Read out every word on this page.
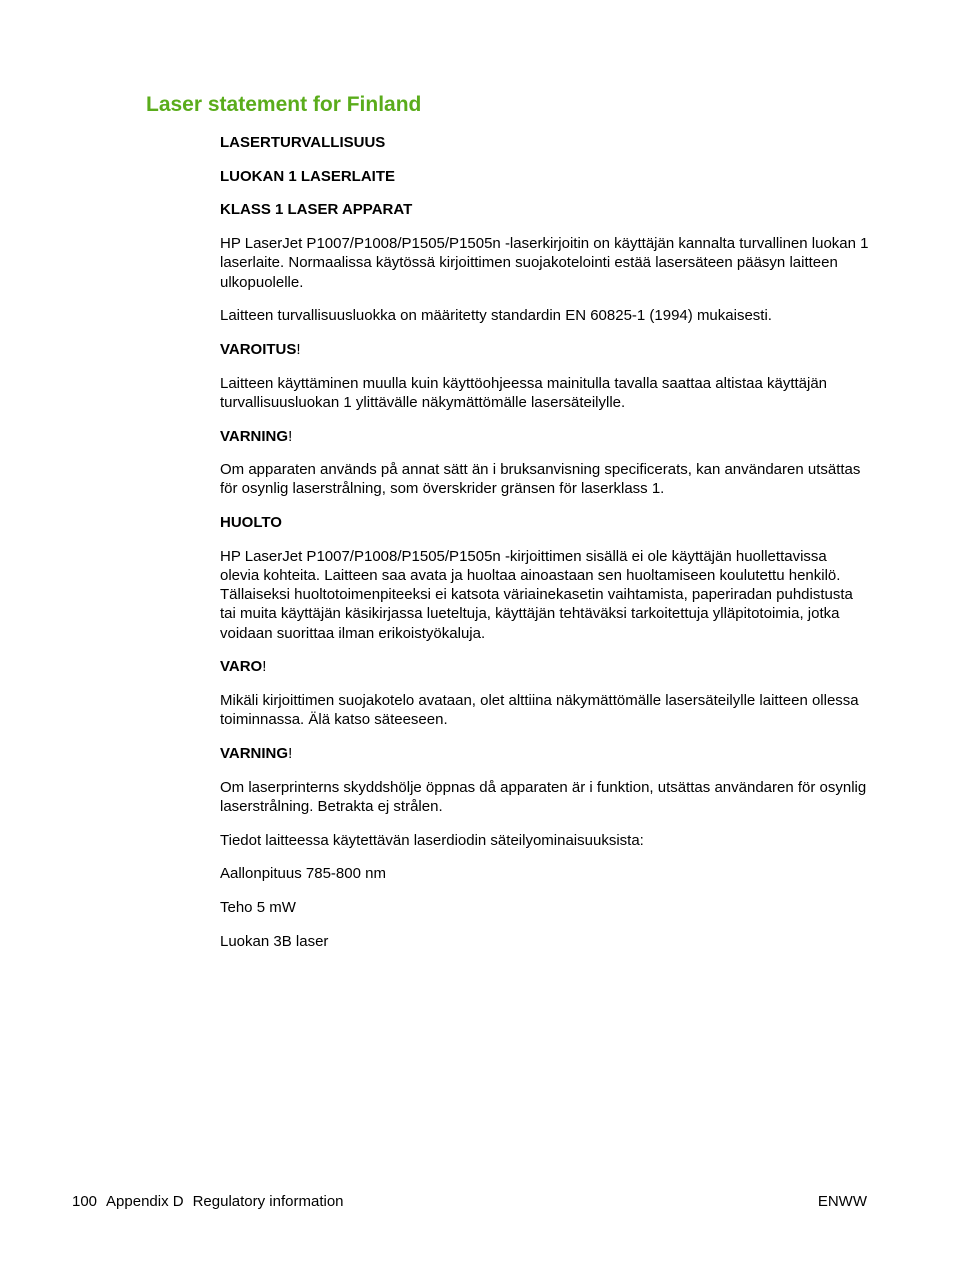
Laser statement for Finland

LASERTURVALLISUUS

LUOKAN 1 LASERLAITE

KLASS 1 LASER APPARAT

HP LaserJet P1007/P1008/P1505/P1505n -laserkirjoitin on käyttäjän kannalta turvallinen luokan 1 laserlaite. Normaalissa käytössä kirjoittimen suojakotelointi estää lasersäteen pääsyn laitteen ulkopuolelle.

Laitteen turvallisuusluokka on määritetty standardin EN 60825-1 (1994) mukaisesti.

VAROITUS!

Laitteen käyttäminen muulla kuin käyttöohjeessa mainitulla tavalla saattaa altistaa käyttäjän turvallisuusluokan 1 ylittävälle näkymättömälle lasersäteilylle.

VARNING!

Om apparaten används på annat sätt än i bruksanvisning specificerats, kan användaren utsättas för osynlig laserstrålning, som överskrider gränsen för laserklass 1.

HUOLTO

HP LaserJet P1007/P1008/P1505/P1505n -kirjoittimen sisällä ei ole käyttäjän huollettavissa olevia kohteita. Laitteen saa avata ja huoltaa ainoastaan sen huoltamiseen koulutettu henkilö. Tällaiseksi huoltotoimenpiteeksi ei katsota väriainekasetin vaihtamista, paperiradan puhdistusta tai muita käyttäjän käsikirjassa lueteltuja, käyttäjän tehtäväksi tarkoitettuja ylläpitotoimia, jotka voidaan suorittaa ilman erikoistyökaluja.

VARO!

Mikäli kirjoittimen suojakotelo avataan, olet alttiina näkymättömälle lasersäteilylle laitteen ollessa toiminnassa. Älä katso säteeseen.

VARNING!

Om laserprinterns skyddshölje öppnas då apparaten är i funktion, utsättas användaren för osynlig laserstrålning. Betrakta ej strålen.

Tiedot laitteessa käytettävän laserdiodin säteilyominaisuuksista:

Aallonpituus 785-800 nm

Teho 5 mW

Luokan 3B laser

100 Appendix D Regulatory information	ENWW
